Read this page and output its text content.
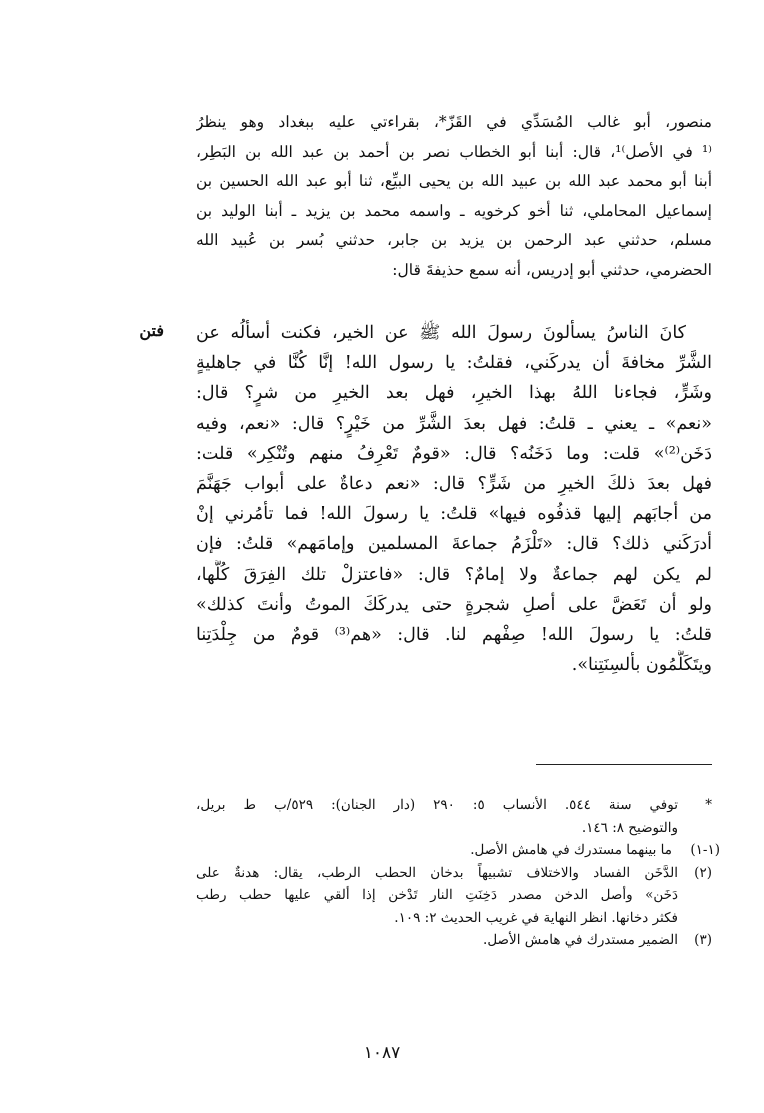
منصور، أبو غالب المُسَدِّي في القَزّ*، بقراءتي عليه ببغداد وهو ينظرُ
⁽¹ في الأصل⁾¹، قال: أبنا أبو الخطاب نصر بن أحمد بن عبد الله بن البَطِر،
أبنا أبو محمد عبد الله بن عبيد الله بن يحيى البيِّع، ثنا أبو عبد الله الحسين بن
إسماعيل المحاملي، ثنا أخو كرخويه ـ واسمه محمد بن يزيد ـ أبنا الوليد بن
مسلم، حدثني عبد الرحمن بن يزيد بن جابر، حدثني بُسر بن عُبيد الله
الحضرمي، حدثني أبو إدريس، أنه سمع حذيفةَ قال:
فتن كانَ الناسُ يسألونَ رسولَ الله ﷺ عن الخير، فكنت أسألُه عن
الشَّرِّ مخافةَ أن يدركَني، فقلتُ: يا رسول الله! إنَّا كُنَّا في جاهليةٍ
وشَرٍّ، فجاءنا اللهُ بهذا الخيرِ، فهل بعد الخيرِ من شرٍ؟ قال:
«نعم» ـ يعني ـ قلتُ: فهل بعدَ الشَّرِّ من خَيْرٍ؟ قال: «نعم، وفيه
دَخَن⁽²⁾» قلت: وما دَخَنُه؟ قال: «قومٌ تَعْرِفُ منهم وتُنْكِر» قلت:
فهل بعدَ ذلكَ الخيرِ من شَرٍّ؟ قال: «نعم دعاةٌ على أبواب جَهَنَّمَ
من أجابَهم إليها قذفُوه فيها» قلتُ: يا رسولَ الله! فما تأمُرني إنْ
أدرَكَني ذلك؟ قال: «تَلْزَمُ جماعةَ المسلمين وإمامَهم» قلتُ: فإن
لم يكن لهم جماعةٌ ولا إمامٌ؟ قال: «فاعتزلْ تلك الفِرَقَ كُلَّها،
ولو أن تَعَضَّ على أصلِ شجرةٍ حتى يدركَكَ الموتُ وأنتَ كذلك»
قلتُ: يا رسولَ الله! صِفْهم لنا. قال: «هم⁽³⁾ قومٌ من جِلْدَتِنا
ويتَكَلَّمُون بألسِنَتِنا».
*
توفي سنة ٥٤٤. الأنساب ٥: ٢٩٠ (دار الجنان): ٥٢٩/ب ط بريل،
والتوضيح ٨: ١٤٦.
(١-١)
ما بينهما مستدرك في هامش الأصل.
(٢)
الدَّخَن الفساد والاختلاف تشبيهاً بدخان الحطب الرطب، يقال: هدنةٌ على
دَخَن» وأصل الدخن مصدر دَخِنَتِ النار تَدْخن إذا ألقي عليها حطب رطب
فكثر دخانها. انظر النهاية في غريب الحديث ٢: ١٠٩.
(٣)
الضمير مستدرك في هامش الأصل.
١٠٨٧
